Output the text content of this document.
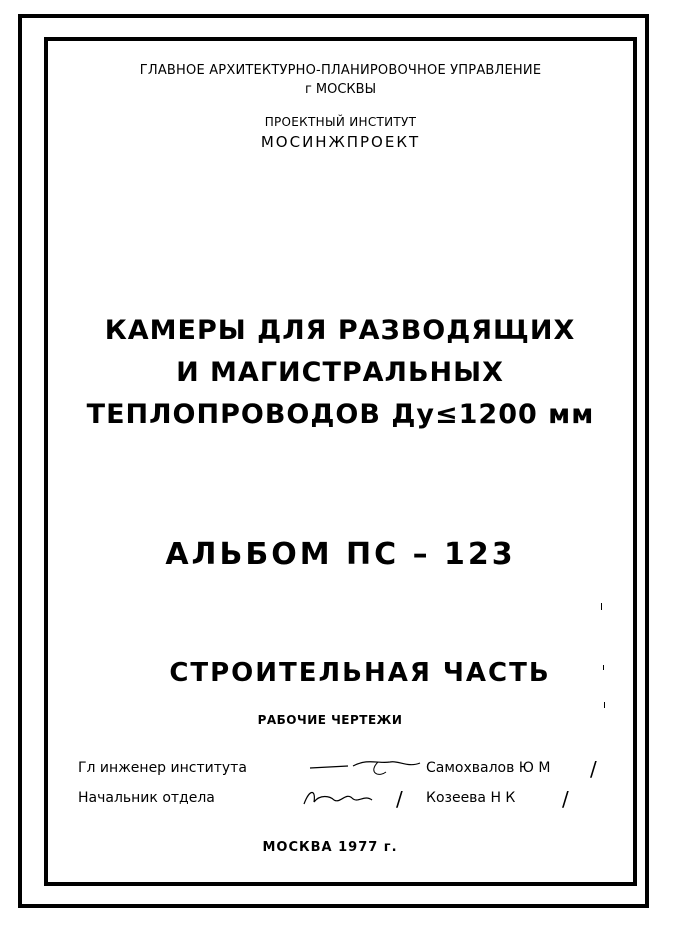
ГЛАВНОЕ АРХИТЕКТУРНО-ПЛАНИРОВОЧНОЕ УПРАВЛЕНИЕ
г МОСКВЫ
ПРОЕКТНЫЙ ИНСТИТУТ
МОСИНЖПРОЕКТ
КАМЕРЫ ДЛЯ РАЗВОДЯЩИХ
И МАГИСТРАЛЬНЫХ
ТЕПЛОПРОВОДОВ Ду≤1200 мм
АЛЬБОМ ПС – 123
СТРОИТЕЛЬНАЯ ЧАСТЬ
РАБОЧИЕ ЧЕРТЕЖИ
Гл инженер института	Самохвалов Ю М /
Начальник отдела	/ Козеева Н К /
МОСКВА 1977 г.
